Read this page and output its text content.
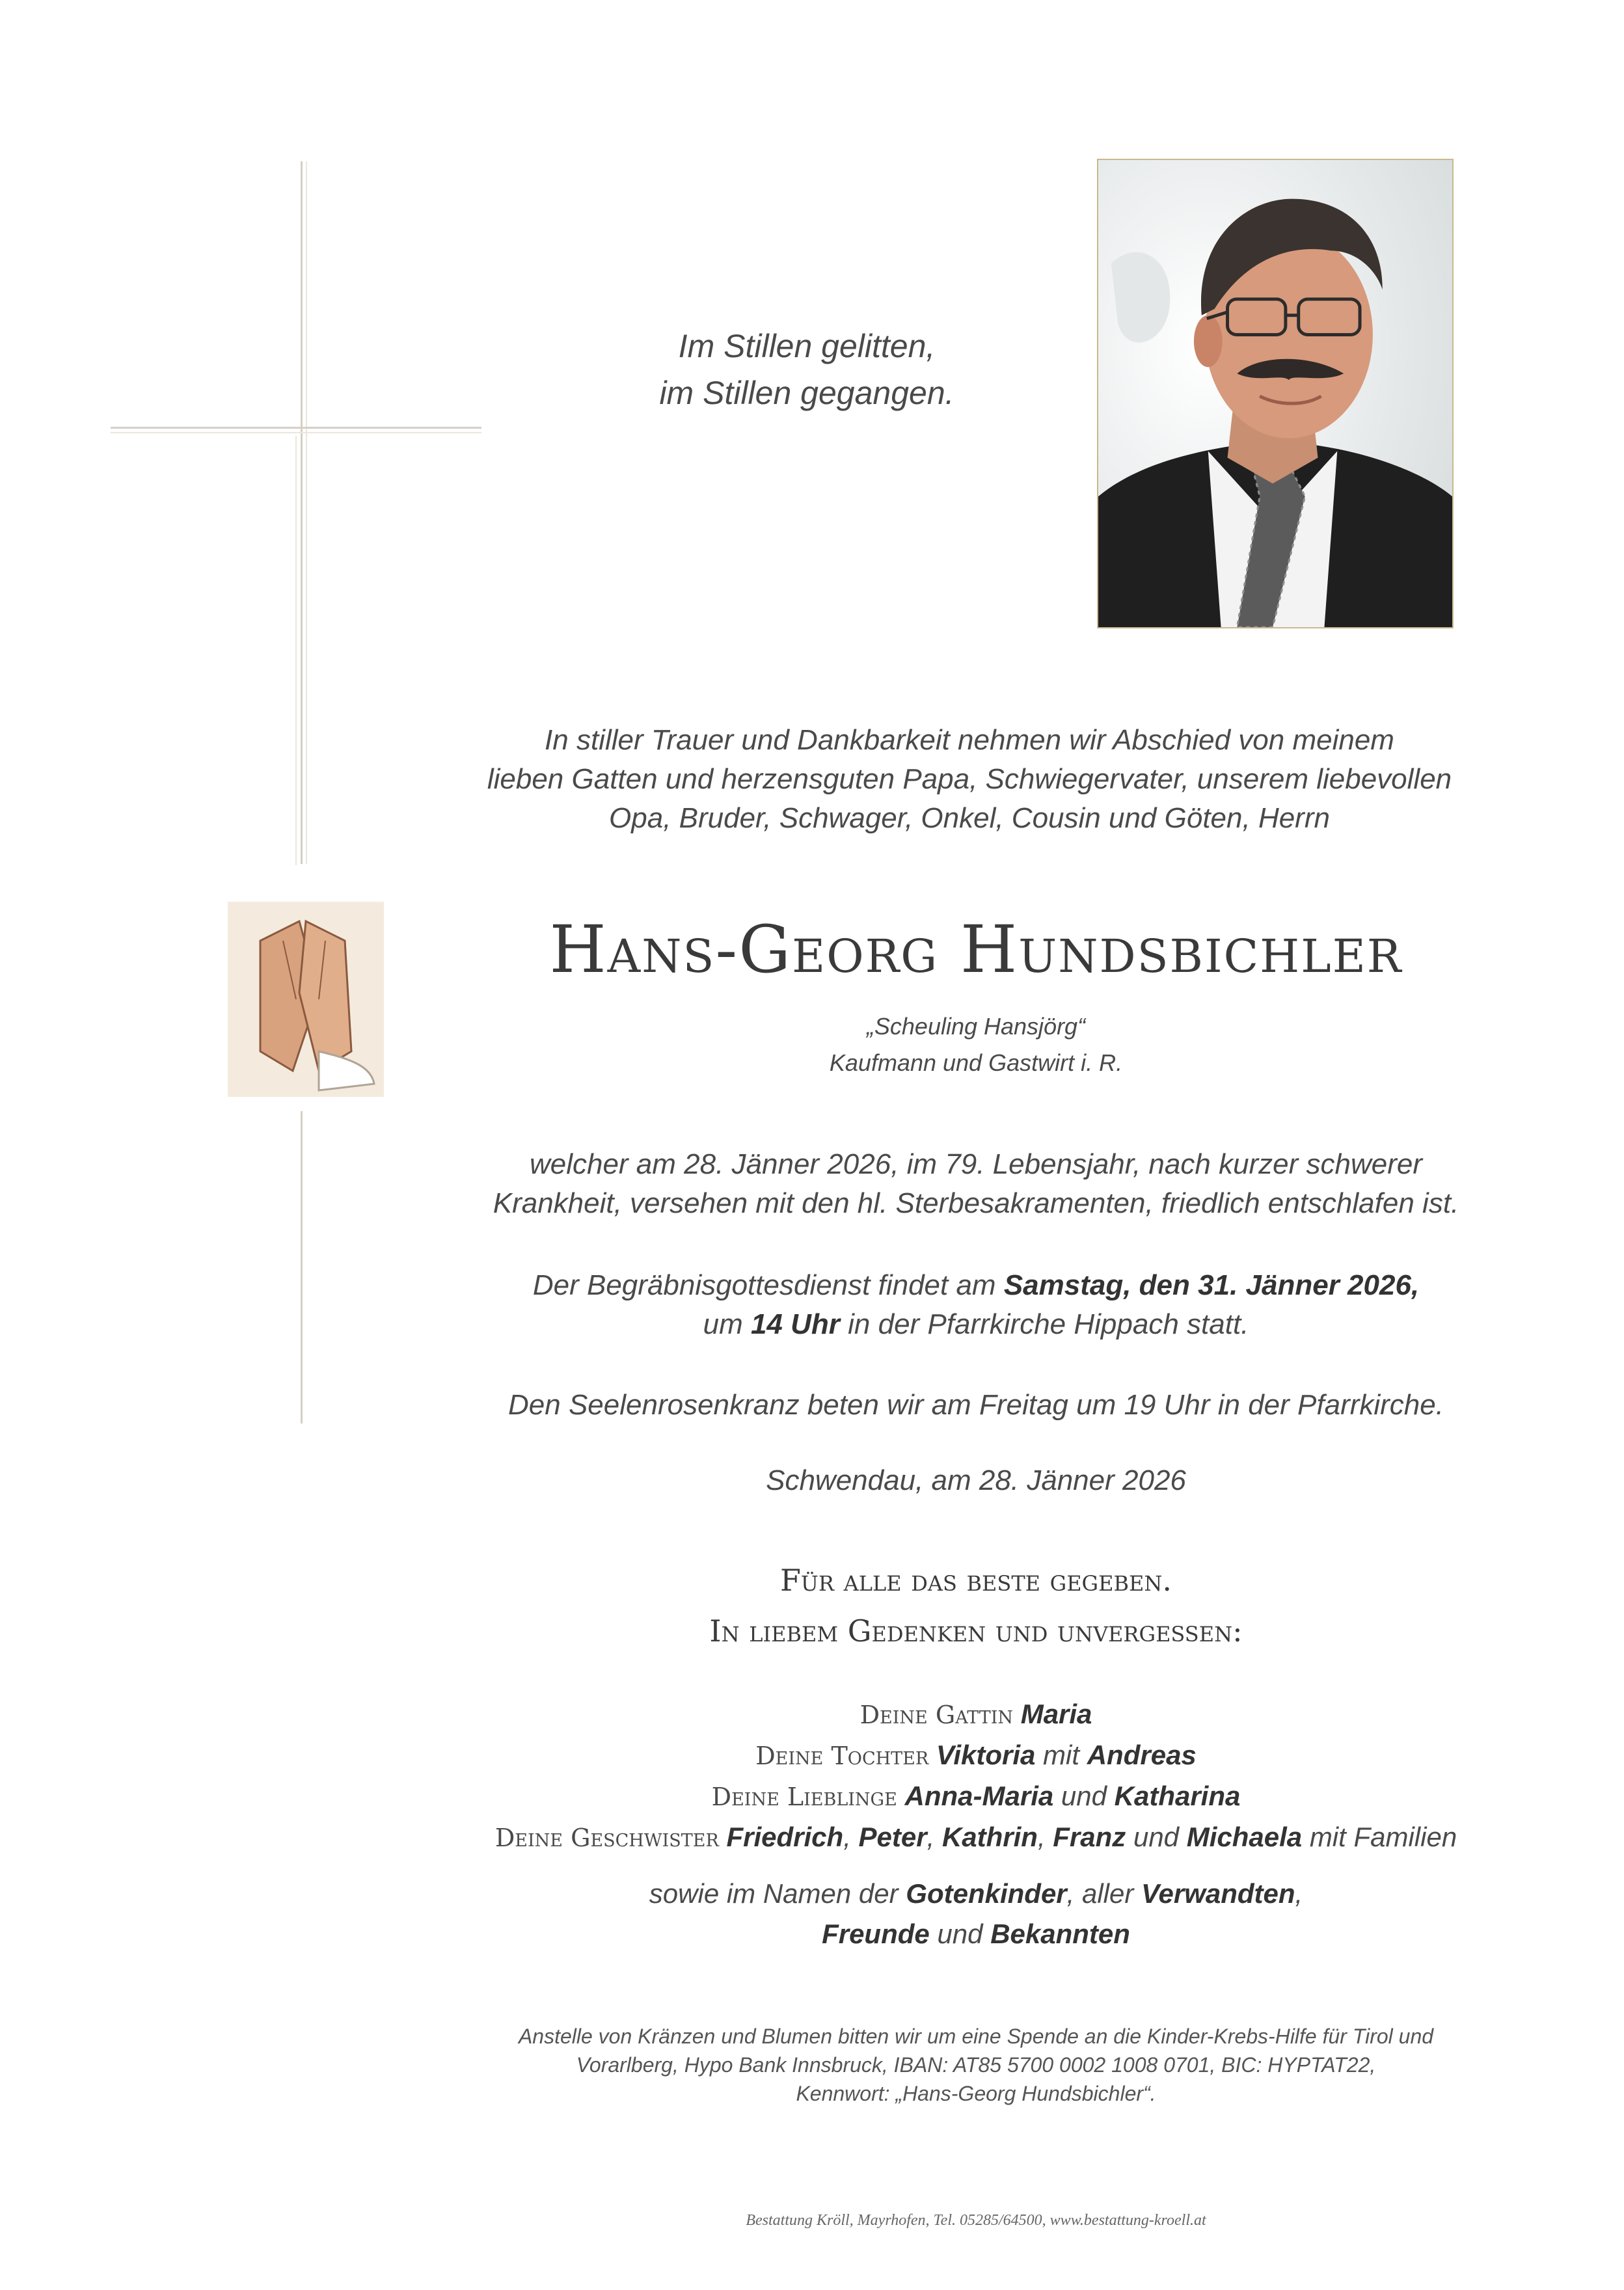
Im Stillen gelitten,
im Stillen gegangen.
In stiller Trauer und Dankbarkeit nehmen wir Abschied von meinem
lieben Gatten und herzensguten Papa, Schwiegervater, unserem liebevollen
Opa, Bruder, Schwager, Onkel, Cousin und Göten, Herrn
Hans-Georg Hundsbichler
„Scheuling Hansjörg“
Kaufmann und Gastwirt i. R.
welcher am 28. Jänner 2026, im 79. Lebensjahr, nach kurzer schwerer
Krankheit, versehen mit den hl. Sterbesakramenten, friedlich entschlafen ist.
Der Begräbnisgottesdienst findet am Samstag, den 31. Jänner 2026,
um 14 Uhr in der Pfarrkirche Hippach statt.
Den Seelenrosenkranz beten wir am Freitag um 19 Uhr in der Pfarrkirche.
Schwendau, am 28. Jänner 2026
Für alle das beste gegeben.
In liebem Gedenken und unvergessen:
Deine Gattin Maria
Deine Tochter Viktoria mit Andreas
Deine Lieblinge Anna-Maria und Katharina
Deine Geschwister Friedrich, Peter, Kathrin, Franz und Michaela mit Familien
sowie im Namen der Gotenkinder, aller Verwandten,
Freunde und Bekannten
Anstelle von Kränzen und Blumen bitten wir um eine Spende an die Kinder-Krebs-Hilfe für Tirol und
Vorarlberg, Hypo Bank Innsbruck, IBAN: AT85 5700 0002 1008 0701, BIC: HYPTAT22,
Kennwort: „Hans-Georg Hundsbichler“.
Bestattung Kröll, Mayrhofen, Tel. 05285/64500, www.bestattung-kroell.at
